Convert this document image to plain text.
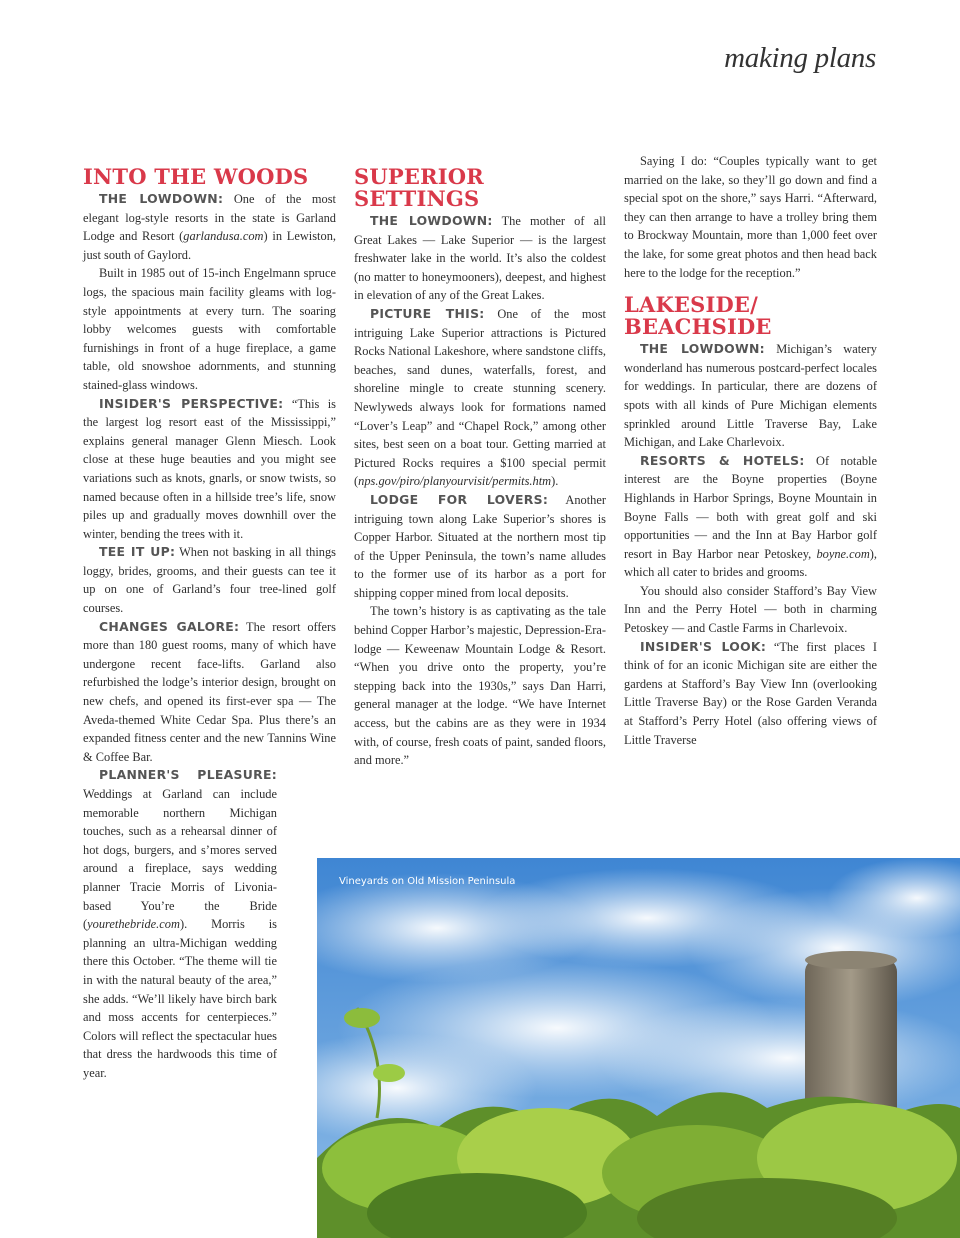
making plans
INTO THE WOODS

THE LOWDOWN: One of the most elegant log-style resorts in the state is Garland Lodge and Resort (garlandusa.com) in Lewiston, just south of Gaylord.

Built in 1985 out of 15-inch Engelmann spruce logs, the spacious main facility gleams with log-style appointments at every turn. The soaring lobby welcomes guests with comfortable furnishings in front of a huge fireplace, a game table, old snowshoe adornments, and stunning stained-glass windows.

INSIDER'S PERSPECTIVE: “This is the largest log resort east of the Mississippi,” explains general manager Glenn Miesch. Look close at these huge beauties and you might see variations such as knots, gnarls, or snow twists, so named because often in a hillside tree’s life, snow piles up and gradually moves downhill over the winter, bending the trees with it.

TEE IT UP: When not basking in all things loggy, brides, grooms, and their guests can tee it up on one of Garland’s four tree-lined golf courses.

CHANGES GALORE: The resort offers more than 180 guest rooms, many of which have undergone recent face-lifts. Garland also refurbished the lodge’s interior design, brought on new chefs, and opened its first-ever spa — The Aveda-themed White Cedar Spa. Plus there’s an expanded fitness center and the new Tannins Wine & Coffee Bar.

PLANNER'S PLEASURE: Weddings at Garland can include memorable northern Michigan touches, such as a rehearsal dinner of hot dogs, burgers, and s’mores served around a fireplace, says wedding planner Tracie Morris of Livonia-based You’re the Bride (yourethebride.com). Morris is planning an ultra-Michigan wedding there this October. “The theme will tie in with the natural beauty of the area,” she adds. “We’ll likely have birch bark and moss accents for centerpieces.” Colors will reflect the spectacular hues that dress the hardwoods this time of year.

SUPERIOR SETTINGS

THE LOWDOWN: The mother of all Great Lakes — Lake Superior — is the largest freshwater lake in the world. It’s also the coldest (no matter to honeymooners), deepest, and highest in elevation of any of the Great Lakes.

PICTURE THIS: One of the most intriguing Lake Superior attractions is Pictured Rocks National Lakeshore, where sandstone cliffs, beaches, sand dunes, waterfalls, forest, and shoreline mingle to create stunning scenery. Newlyweds always look for formations named “Lover’s Leap” and “Chapel Rock,” among other sites, best seen on a boat tour. Getting married at Pictured Rocks requires a $100 special permit (nps.gov/piro/planyourvisit/permits.htm).

LODGE FOR LOVERS: Another intriguing town along Lake Superior’s shores is Copper Harbor. Situated at the northern most tip of the Upper Peninsula, the town’s name alludes to the former use of its harbor as a port for shipping copper mined from local deposits.

The town’s history is as captivating as the tale behind Copper Harbor’s majestic, Depression-Era-lodge — Keweenaw Mountain Lodge & Resort. “When you drive onto the property, you’re stepping back into the 1930s,” says Dan Harri, general manager at the lodge. “We have Internet access, but the cabins are as they were in 1934 with, of course, fresh coats of paint, sanded floors, and more.”

Saying I do: “Couples typically want to get married on the lake, so they’ll go down and find a special spot on the shore,” says Harri. “Afterward, they can then arrange to have a trolley bring them to Brockway Mountain, more than 1,000 feet over the lake, for some great photos and then head back here to the lodge for the reception.”

LAKESIDE/
BEACHSIDE

THE LOWDOWN: Michigan’s watery wonderland has numerous postcard-perfect locales for weddings. In particular, there are dozens of spots with all kinds of Pure Michigan elements sprinkled around Little Traverse Bay, Lake Michigan, and Lake Charlevoix.

RESORTS & HOTELS: Of notable interest are the Boyne properties (Boyne Highlands in Harbor Springs, Boyne Mountain in Boyne Falls — both with great golf and ski opportunities — and the Inn at Bay Harbor golf resort in Bay Harbor near Petoskey, boyne.com), which all cater to brides and grooms.

You should also consider Stafford’s Bay View Inn and the Perry Hotel — both in charming Petoskey — and Castle Farms in Charlevoix.

INSIDER'S LOOK: “The first places I think of for an iconic Michigan site are either the gardens at Stafford’s Bay View Inn (overlooking Little Traverse Bay) or the Rose Garden Veranda at Stafford’s Perry Hotel (also offering views of Little Traverse

Vineyards on Old Mission Peninsula
